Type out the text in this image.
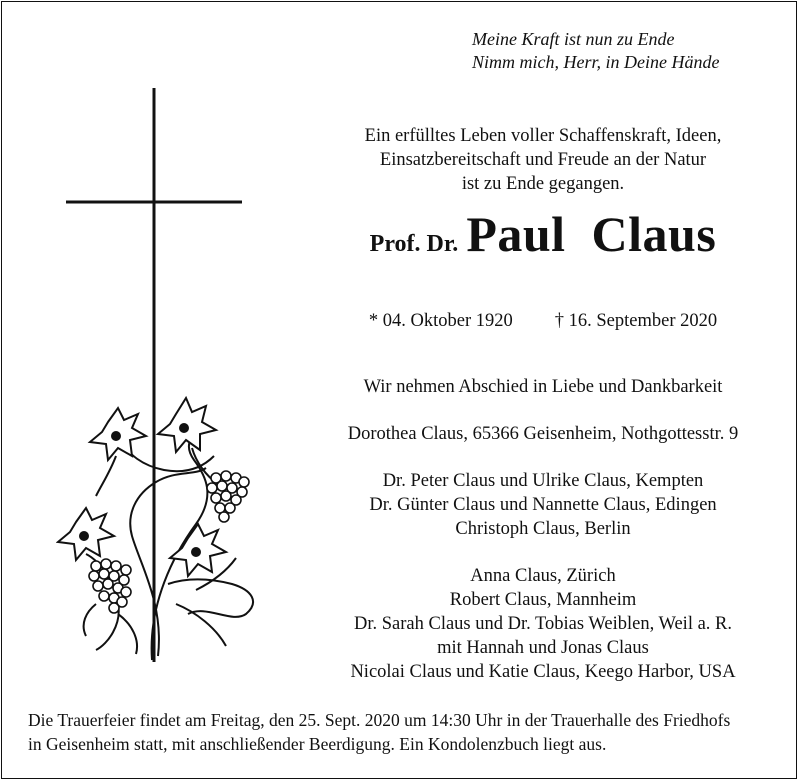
Meine Kraft ist nun zu Ende
Nimm mich, Herr, in Deine Hände
Ein erfülltes Leben voller Schaffenskraft, Ideen,
Einsatzbereitschaft und Freude an der Natur
ist zu Ende gegangen.
Prof. Dr. Paul  Claus
* 04. Oktober 1920 † 16. September 2020
Wir nehmen Abschied in Liebe und Dankbarkeit
Dorothea Claus, 65366 Geisenheim, Nothgottesstr. 9
Dr. Peter Claus und Ulrike Claus, Kempten
Dr. Günter Claus und Nannette Claus, Edingen
Christoph Claus, Berlin
Anna Claus, Zürich
Robert Claus, Mannheim
Dr. Sarah Claus und Dr. Tobias Weiblen, Weil a. R.
mit Hannah und Jonas Claus
Nicolai Claus und Katie Claus, Keego Harbor, USA
Die Trauerfeier findet am Freitag, den 25. Sept. 2020 um 14:30 Uhr in der Trauerhalle des Friedhofs
in Geisenheim statt, mit anschließender Beerdigung. Ein Kondolenzbuch liegt aus.
